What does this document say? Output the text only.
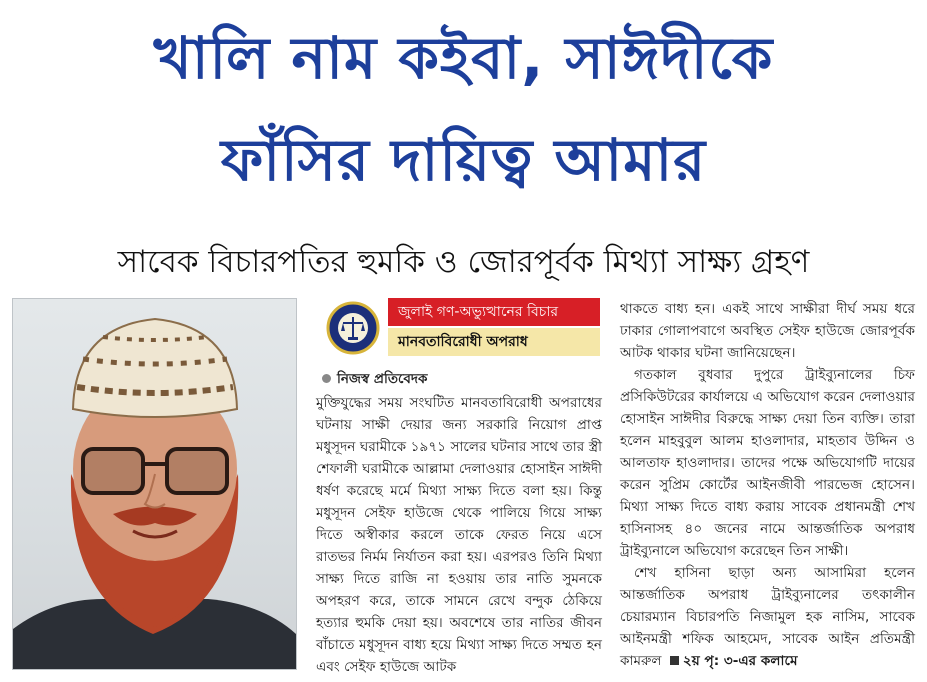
খালি নাম কইবা, সাঈদীকে
ফাঁসির দায়িত্ব আমার
সাবেক বিচারপতির হুমকি ও জোরপূর্বক মিথ্যা সাক্ষ্য গ্রহণ
জুলাই গণ-অভ্যুত্থানের বিচার
মানবতাবিরোধী অপরাধ
নিজস্ব প্রতিবেদক

মুক্তিযুদ্ধের সময় সংঘটিত মানবতাবিরোধী অপরাধের ঘটনায় সাক্ষী দেয়ার জন্য সরকারি নিয়োগ প্রাপ্ত মধুসূদন ঘরামীকে ১৯৭১ সালের ঘটনার সাথে তার স্ত্রী শেফালী ঘরামীকে আল্লামা দেলাওয়ার হোসাইন সাঈদী ধর্ষণ করেছে মর্মে মিথ্যা সাক্ষ্য দিতে বলা হয়। কিন্তু মধুসূদন সেইফ হাউজে থেকে পালিয়ে গিয়ে সাক্ষ্য দিতে অস্বীকার করলে তাকে ফেরত নিয়ে এসে রাতভর নির্মম নির্যাতন করা হয়। এরপরও তিনি মিথ্যা সাক্ষ্য দিতে রাজি না হওয়ায় তার নাতি সুমনকে অপহরণ করে, তাকে সামনে রেখে বন্দুক ঠেকিয়ে হত্যার হুমকি দেয়া হয়। অবশেষে তার নাতির জীবন বাঁচাতে মধুসূদন বাধ্য হয়ে মিথ্যা সাক্ষ্য দিতে সম্মত হন এবং সেইফ হাউজে আটক

থাকতে বাধ্য হন। একই সাথে সাক্ষীরা দীর্ঘ সময় ধরে ঢাকার গোলাপবাগে অবস্থিত সেইফ হাউজে জোরপূর্বক আটক থাকার ঘটনা জানিয়েছেন।

গতকাল বুধবার দুপুরে ট্রাইব্যুনালের চিফ প্রসিকিউটরের কার্যালয়ে এ অভিযোগ করেন দেলাওয়ার হোসাইন সাঈদীর বিরুদ্ধে সাক্ষ্য দেয়া তিন ব্যক্তি। তারা হলেন মাহবুবুল আলম হাওলাদার, মাহতাব উদ্দিন ও আলতাফ হাওলাদার। তাদের পক্ষে অভিযোগটি দায়ের করেন সুপ্রিম কোর্টের আইনজীবী পারভেজ হোসেন। মিথ্যা সাক্ষ্য দিতে বাধ্য করায় সাবেক প্রধানমন্ত্রী শেখ হাসিনাসহ ৪০ জনের নামে আন্তর্জাতিক অপরাধ ট্রাইব্যুনালে অভিযোগ করেছেন তিন সাক্ষী।

শেখ হাসিনা ছাড়া অন্য আসামিরা হলেন আন্তর্জাতিক অপরাধ ট্রাইব্যুনালের তৎকালীন চেয়ারম্যান বিচারপতি নিজামুল হক নাসিম, সাবেক আইনমন্ত্রী শফিক আহমেদ, সাবেক আইন প্রতিমন্ত্রী কামরুল ২য় পৃ: ৩-এর কলামে
